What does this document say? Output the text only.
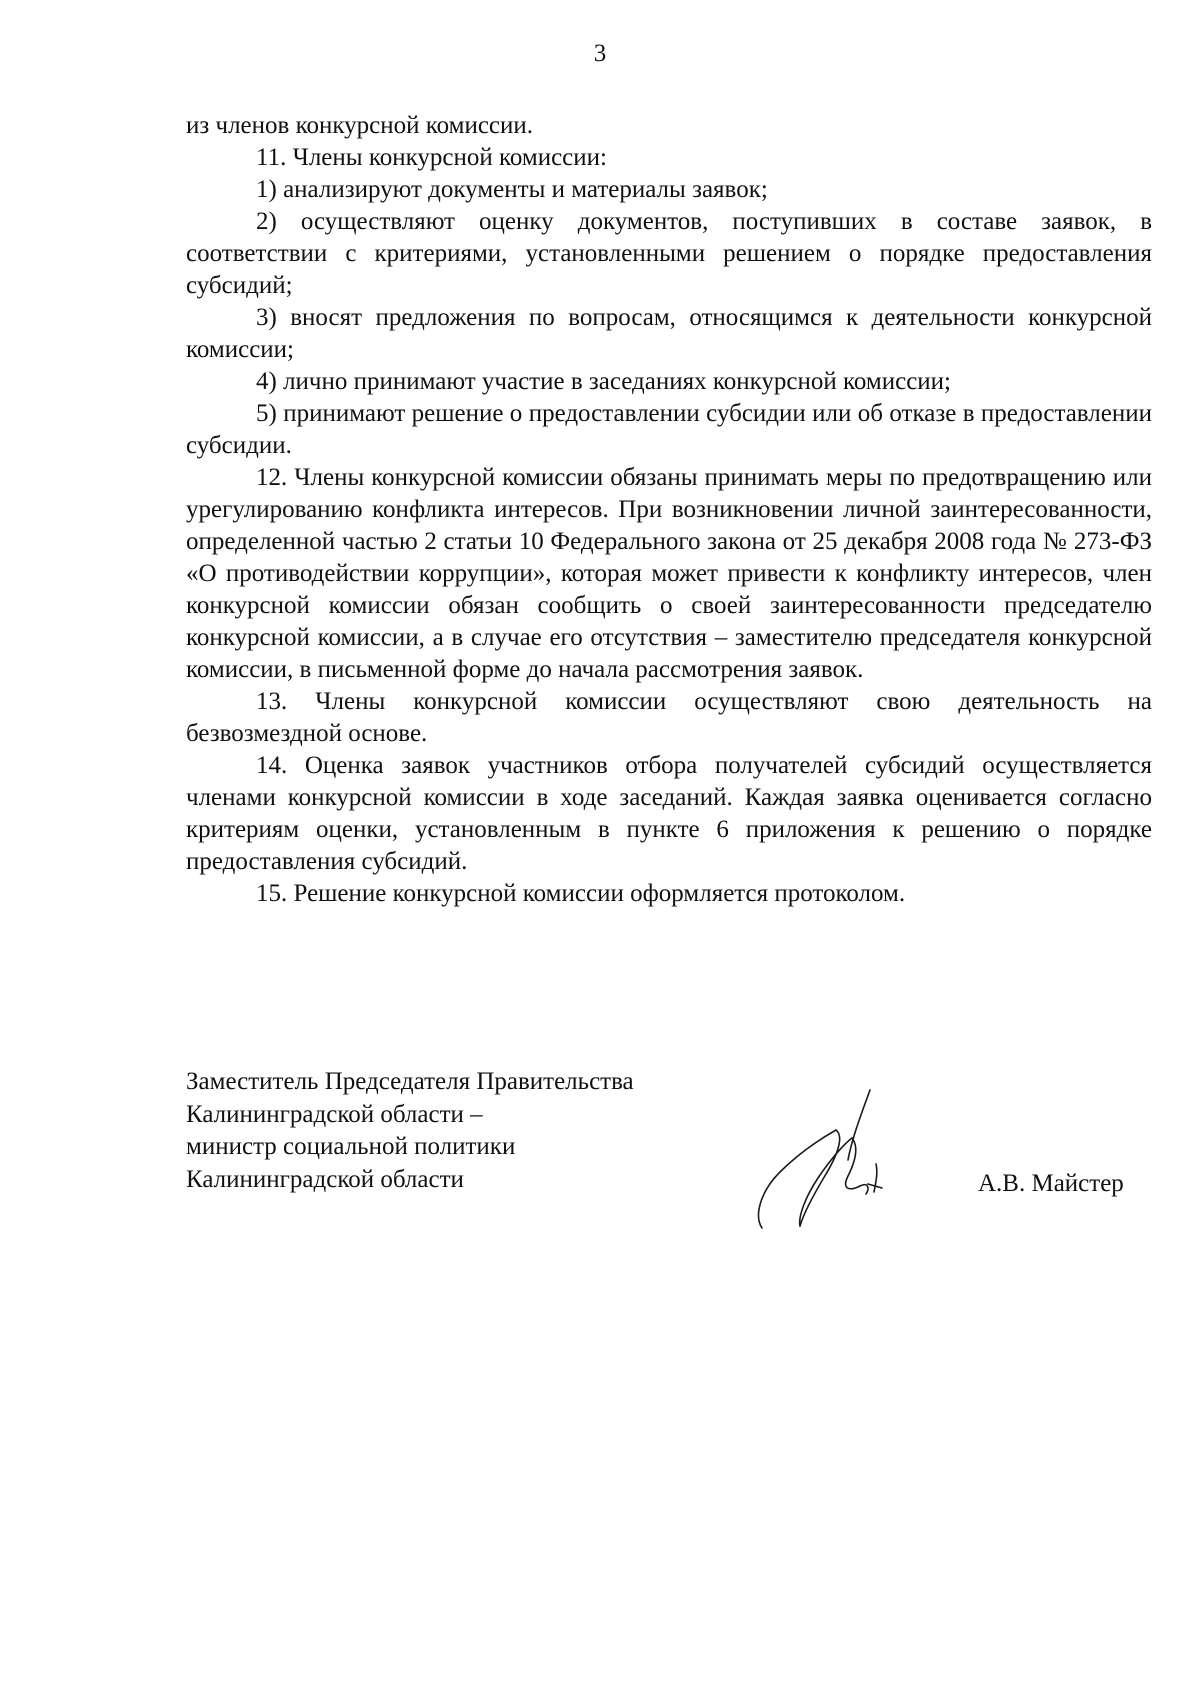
3

из членов конкурсной комиссии.

11. Члены конкурсной комиссии:

1) анализируют документы и материалы заявок;

2) осуществляют оценку документов, поступивших в составе заявок, в соответствии с критериями, установленными решением о порядке предоставления субсидий;

3) вносят предложения по вопросам, относящимся к деятельности конкурсной комиссии;

4) лично принимают участие в заседаниях конкурсной комиссии;

5) принимают решение о предоставлении субсидии или об отказе в предоставлении субсидии.

12. Члены конкурсной комиссии обязаны принимать меры по предотвращению или урегулированию конфликта интересов. При возникновении личной заинтересованности, определенной частью 2 статьи 10 Федерального закона от 25 декабря 2008 года № 273-ФЗ «О противодействии коррупции», которая может привести к конфликту интересов, член конкурсной комиссии обязан сообщить о своей заинтересованности председателю конкурсной комиссии, а в случае его отсутствия – заместителю председателя конкурсной комиссии, в письменной форме до начала рассмотрения заявок.

13. Члены конкурсной комиссии осуществляют свою деятельность на безвозмездной основе.

14. Оценка заявок участников отбора получателей субсидий осуществляется членами конкурсной комиссии в ходе заседаний. Каждая заявка оценивается согласно критериям оценки, установленным в пункте 6 приложения к решению о порядке предоставления субсидий.

15. Решение конкурсной комиссии оформляется протоколом.

Заместитель Председателя Правительства
Калининградской области –
министр социальной политики
Калининградской области	А.В. Майстер
